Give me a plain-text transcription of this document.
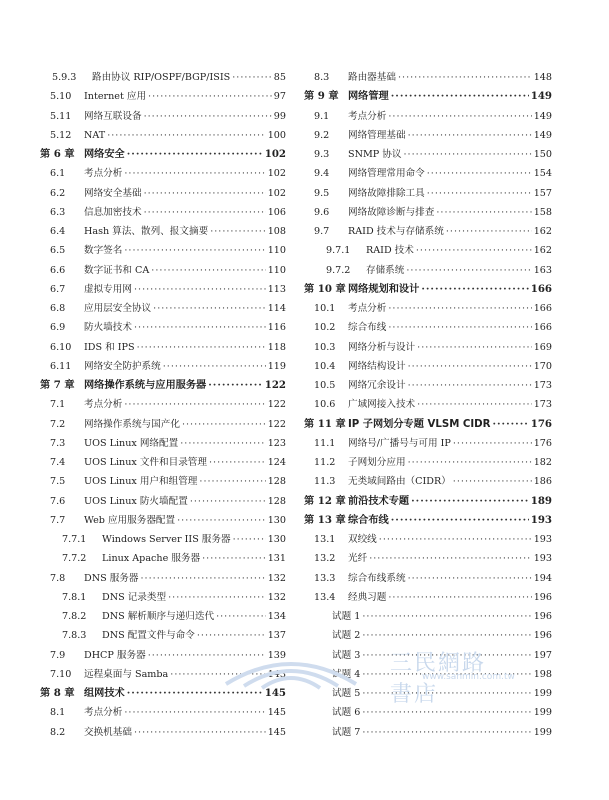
5.9.3	路由协议 RIP/OSPF/BGP/ISIS ·····	85
5.10	Internet 应用 ·····	97
5.11	网络互联设备 ·····	99
5.12	NAT ·····	100
第 6 章 网络安全 ·····	102
6.1	考点分析 ·····	102
6.2	网络安全基础 ·····	102
6.3	信息加密技术 ·····	106
6.4	Hash 算法、散列、报文摘要 ·····	108
6.5	数字签名 ·····	110
6.6	数字证书和 CA ·····	110
6.7	虚拟专用网 ·····	113
6.8	应用层安全协议 ·····	114
6.9	防火墙技术 ·····	116
6.10	IDS 和 IPS ·····	118
6.11	网络安全防护系统 ·····	119
第 7 章 网络操作系统与应用服务器 ·····	122
7.1	考点分析 ·····	122
7.2	网络操作系统与国产化 ·····	122
7.3	UOS Linux 网络配置 ·····	123
7.4	UOS Linux 文件和目录管理 ·····	124
7.5	UOS Linux 用户和组管理 ·····	128
7.6	UOS Linux 防火墙配置 ·····	128
7.7	Web 应用服务器配置 ·····	130
7.7.1	Windows Server IIS 服务器 ·····	130
7.7.2	Linux Apache 服务器 ·····	131
7.8	DNS 服务器 ·····	132
7.8.1	DNS 记录类型 ·····	132
7.8.2	DNS 解析顺序与递归迭代 ·····	134
7.8.3	DNS 配置文件与命令 ·····	137
7.9	DHCP 服务器 ·····	139
7.10	远程桌面与 Samba ·····	143
第 8 章 组网技术 ·····	145
8.1	考点分析 ·····	145
8.2	交换机基础 ·····	145
8.3	路由器基础 ·····	148
第 9 章 网络管理 ·····	149
9.1	考点分析 ·····	149
9.2	网络管理基础 ·····	149
9.3	SNMP 协议 ·····	150
9.4	网络管理常用命令 ·····	154
9.5	网络故障排除工具 ·····	157
9.6	网络故障诊断与排查 ·····	158
9.7	RAID 技术与存储系统 ·····	162
9.7.1	RAID 技术 ·····	162
9.7.2	存储系统 ·····	163
第 10 章 网络规划和设计 ·····	166
10.1	考点分析 ·····	166
10.2	综合布线 ·····	166
10.3	网络分析与设计 ·····	169
10.4	网络结构设计 ·····	170
10.5	网络冗余设计 ·····	173
10.6	广域网接入技术 ·····	173
第 11 章 IP 子网划分专题 VLSM CIDR ·····	176
11.1	网络号/广播号与可用 IP ·····	176
11.2	子网划分应用 ·····	182
11.3	无类域间路由（CIDR） ·····	186
第 12 章 前沿技术专题 ·····	189
第 13 章 综合布线 ·····	193
13.1	双绞线 ·····	193
13.2	光纤 ·····	193
13.3	综合布线系统 ·····	194
13.4	经典习题 ·····	196
试题 1 ·····	196
试题 2 ·····	196
试题 3 ·····	197
试题 4 ·····	198
试题 5 ·····	199
试题 6 ·····	199
试题 7 ·····	199
三民網路書店
www.sanmin.com.tw
